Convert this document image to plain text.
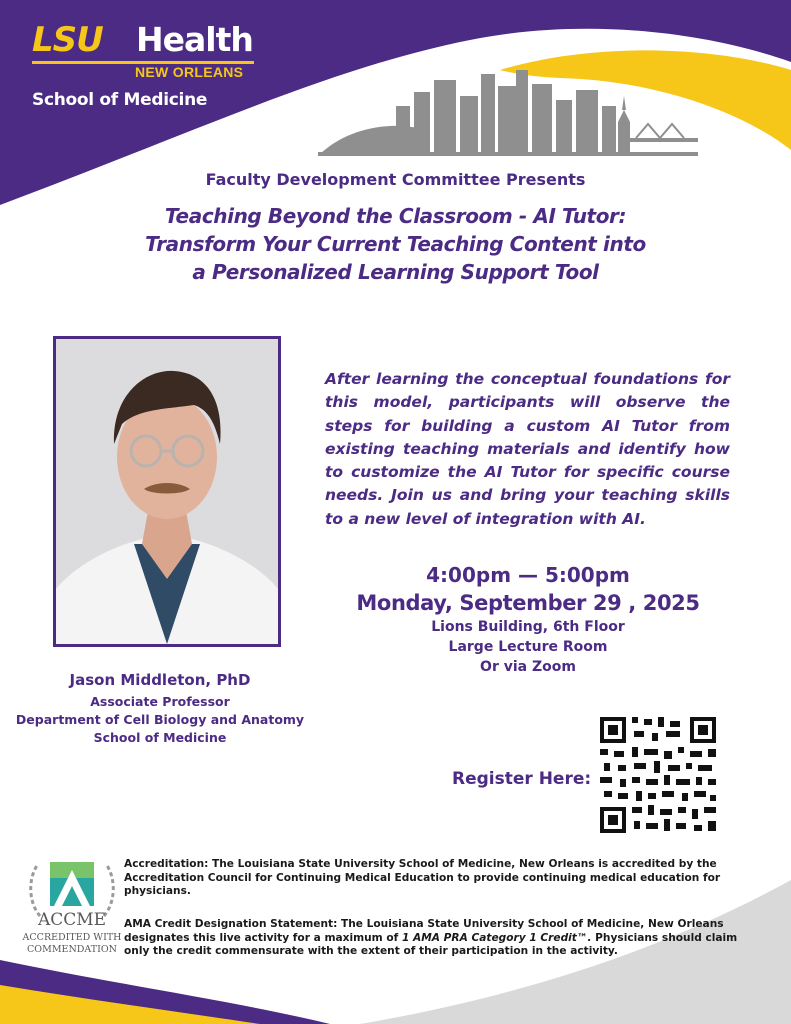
LSU Health
NEW ORLEANS
School of Medicine
Faculty Development Committee Presents
Teaching Beyond the Classroom - AI Tutor:
Transform Your Current Teaching Content into
a Personalized Learning Support Tool
After learning the conceptual foundations for this model, participants will observe the steps for building a custom AI Tutor from existing teaching materials and identify how to customize the AI Tutor for specific course needs. Join us and bring your teaching skills to a new level of integration with AI.
4:00pm — 5:00pm
Monday, September 29 , 2025
Lions Building, 6th Floor
Large Lecture Room
Or via Zoom
Jason Middleton, PhD
Associate Professor
Department of Cell Biology and Anatomy
School of Medicine
Register Here:
ACCME
ACCREDITED WITH
COMMENDATION
Accreditation: The Louisiana State University School of Medicine, New Orleans is accredited by the Accreditation Council for Continuing Medical Education to provide continuing medical education for physicians.
AMA Credit Designation Statement: The Louisiana State University School of Medicine, New Orleans designates this live activity for a maximum of 1 AMA PRA Category 1 Credit™. Physicians should claim only the credit commensurate with the extent of their participation in the activity.
